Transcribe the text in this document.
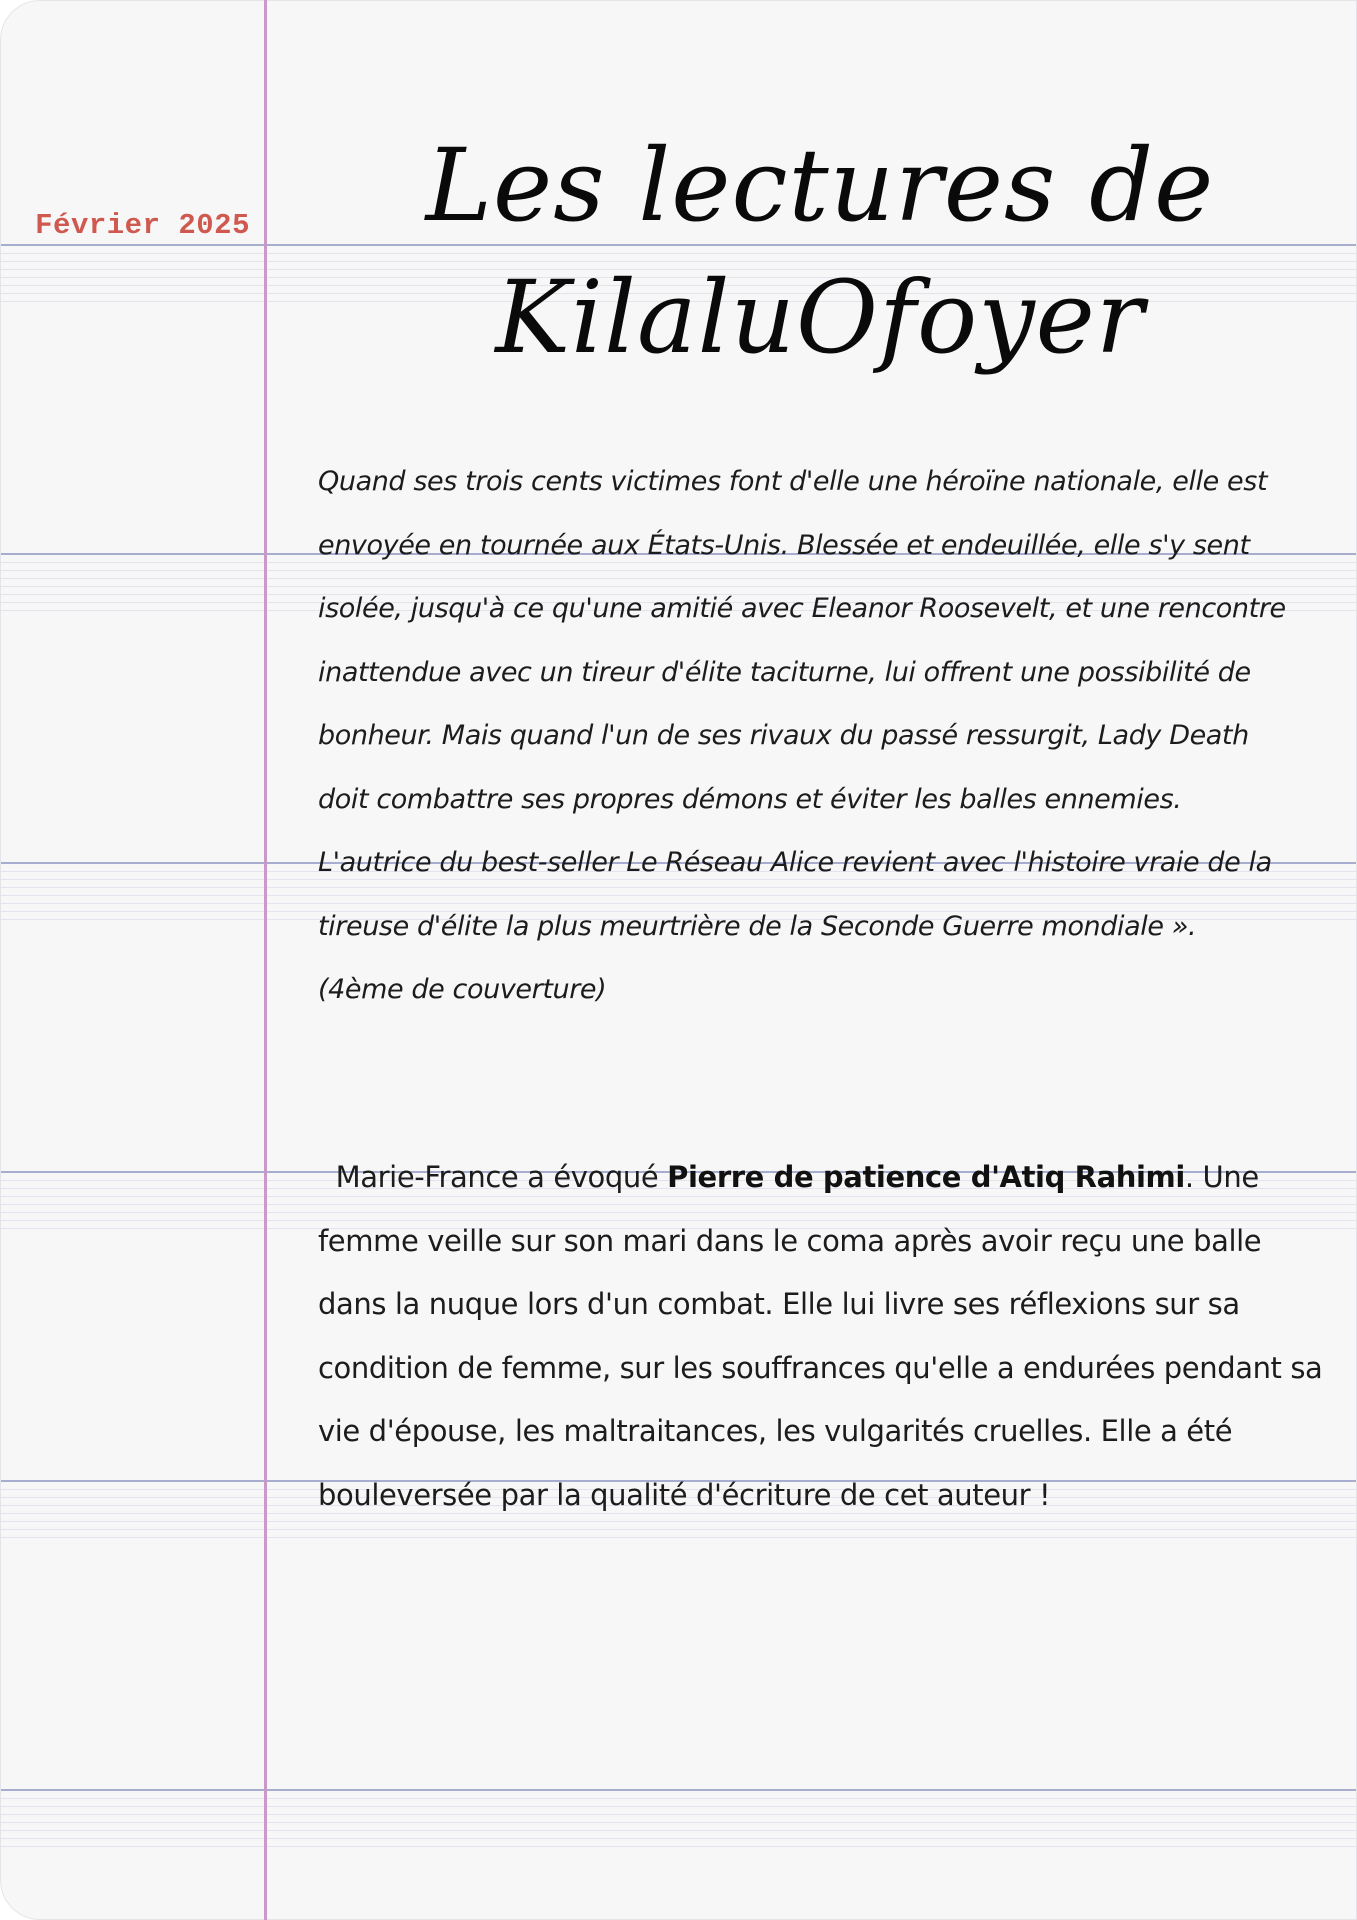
Février 2025	Les lectures de KilaluOfoyer

Quand ses trois cents victimes font d'elle une héroïne nationale, elle est
envoyée en tournée aux États-Unis. Blessée et endeuillée, elle s'y sent
isolée, jusqu'à ce qu'une amitié avec Eleanor Roosevelt, et une rencontre
inattendue avec un tireur d'élite taciturne, lui offrent une possibilité de
bonheur. Mais quand l'un de ses rivaux du passé ressurgit, Lady Death
doit combattre ses propres démons et éviter les balles ennemies.
L'autrice du best-seller Le Réseau Alice revient avec l'histoire vraie de la
tireuse d'élite la plus meurtrière de la Seconde Guerre mondiale ».
(4ème de couverture)

Marie-France a évoqué Pierre de patience d'Atiq Rahimi. Une femme veille sur son mari dans le coma après avoir reçu une balle dans la nuque lors d'un combat. Elle lui livre ses réflexions sur sa condition de femme, sur les souffrances qu'elle a endurées pendant sa vie d'épouse, les maltraitances, les vulgarités cruelles. Elle a été bouleversée par la qualité d'écriture de cet auteur !
